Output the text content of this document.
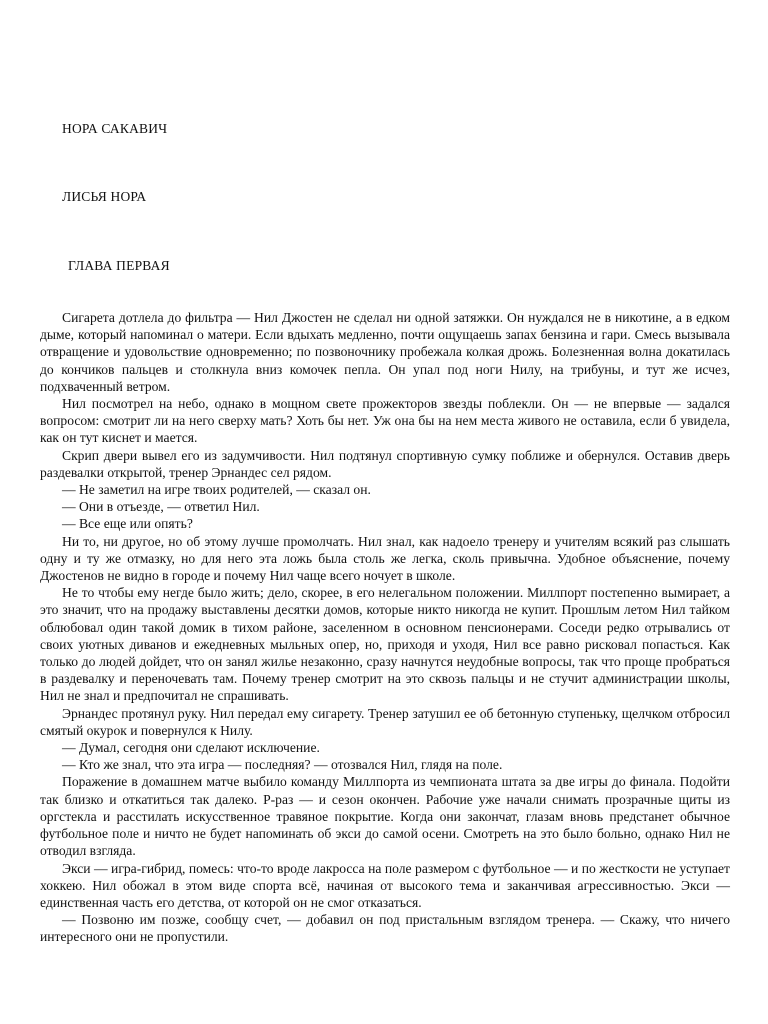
НОРА САКАВИЧ
ЛИСЬЯ НОРА
ГЛАВА ПЕРВАЯ

Сигарета дотлела до фильтра — Нил Джостен не сделал ни одной затяжки. Он нуждался не в никотине, а в едком дыме, который напоминал о матери. Если вдыхать медленно, почти ощущаешь запах бензина и гари. Смесь вызывала отвращение и удовольствие одновременно; по позвоночнику пробежала колкая дрожь. Болезненная волна докатилась до кончиков пальцев и столкнула вниз комочек пепла. Он упал под ноги Нилу, на трибуны, и тут же исчез, подхваченный ветром.

Нил посмотрел на небо, однако в мощном свете прожекторов звезды поблекли. Он — не впервые — задался вопросом: смотрит ли на него сверху мать? Хоть бы нет. Уж она бы на нем места живого не оставила, если б увидела, как он тут киснет и мается.

Скрип двери вывел его из задумчивости. Нил подтянул спортивную сумку поближе и обернулся. Оставив дверь раздевалки открытой, тренер Эрнандес сел рядом.

— Не заметил на игре твоих родителей, — сказал он.

— Они в отъезде, — ответил Нил.

— Все еще или опять?

Ни то, ни другое, но об этому лучше промолчать. Нил знал, как надоело тренеру и учителям всякий раз слышать одну и ту же отмазку, но для него эта ложь была столь же легка, сколь привычна. Удобное объяснение, почему Джостенов не видно в городе и почему Нил чаще всего ночует в школе.

Не то чтобы ему негде было жить; дело, скорее, в его нелегальном положении. Миллпорт постепенно вымирает, а это значит, что на продажу выставлены десятки домов, которые никто никогда не купит. Прошлым летом Нил тайком облюбовал один такой домик в тихом районе, заселенном в основном пенсионерами. Соседи редко отрывались от своих уютных диванов и ежедневных мыльных опер, но, приходя и уходя, Нил все равно рисковал попасться. Как только до людей дойдет, что он занял жилье незаконно, сразу начнутся неудобные вопросы, так что проще пробраться в раздевалку и переночевать там. Почему тренер смотрит на это сквозь пальцы и не стучит администрации школы, Нил не знал и предпочитал не спрашивать.

Эрнандес протянул руку. Нил передал ему сигарету. Тренер затушил ее об бетонную ступеньку, щелчком отбросил смятый окурок и повернулся к Нилу.

— Думал, сегодня они сделают исключение.

— Кто же знал, что эта игра — последняя? — отозвался Нил, глядя на поле.

Поражение в домашнем матче выбило команду Миллпорта из чемпионата штата за две игры до финала. Подойти так близко и откатиться так далеко. Р-раз — и сезон окончен. Рабочие уже начали снимать прозрачные щиты из оргстекла и расстилать искусственное травяное покрытие. Когда они закончат, глазам вновь предстанет обычное футбольное поле и ничто не будет напоминать об экси до самой осени. Смотреть на это было больно, однако Нил не отводил взгляда.

Экси — игра-гибрид, помесь: что-то вроде лакросса на поле размером с футбольное — и по жесткости не уступает хоккею. Нил обожал в этом виде спорта всё, начиная от высокого тема и заканчивая агрессивностью. Экси — единственная часть его детства, от которой он не смог отказаться.

— Позвоню им позже, сообщу счет, — добавил он под пристальным взглядом тренера. — Скажу, что ничего интересного они не пропустили.
